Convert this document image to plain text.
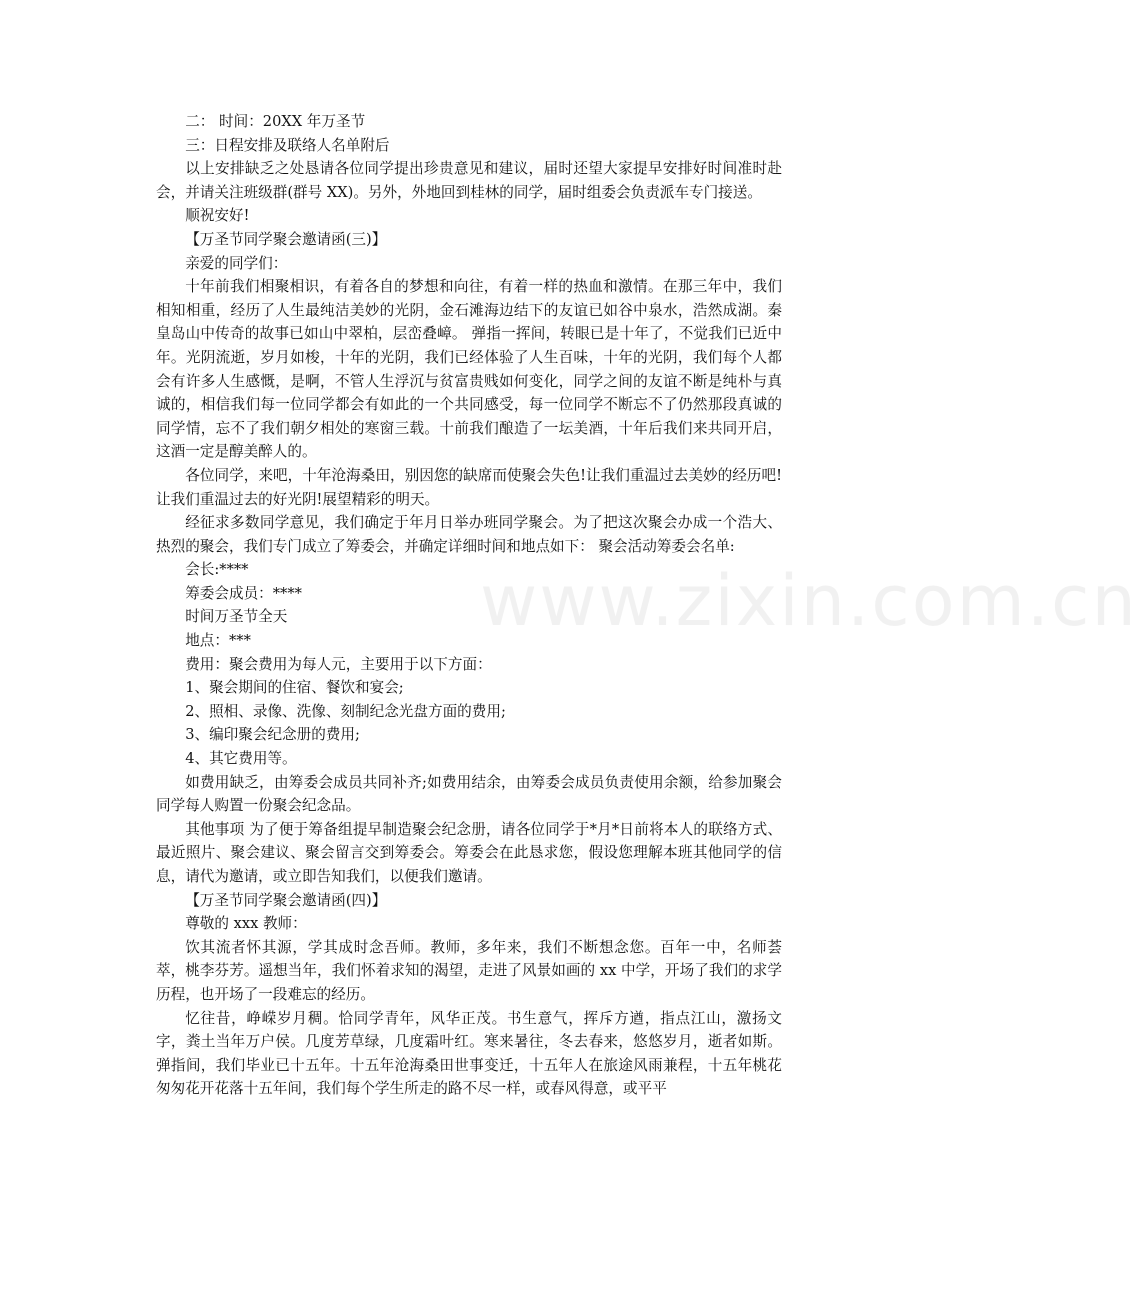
二： 时间：20XX 年万圣节

三：日程安排及联络人名单附后

以上安排缺乏之处恳请各位同学提出珍贵意见和建议，届时还望大家提早安排好时间准时赴会，并请关注班级群(群号 XX)。另外，外地回到桂林的同学，届时组委会负责派车专门接送。

顺祝安好!

【万圣节同学聚会邀请函(三)】

亲爱的同学们：

十年前我们相聚相识，有着各自的梦想和向往，有着一样的热血和激情。在那三年中，我们相知相重，经历了人生最纯洁美妙的光阴，金石滩海边结下的友谊已如谷中泉水，浩然成湖。秦皇岛山中传奇的故事已如山中翠柏，层峦叠嶂。 弹指一挥间，转眼已是十年了，不觉我们已近中年。光阴流逝，岁月如梭，十年的光阴，我们已经体验了人生百味，十年的光阴，我们每个人都会有许多人生感慨，是啊，不管人生浮沉与贫富贵贱如何变化，同学之间的友谊不断是纯朴与真诚的，相信我们每一位同学都会有如此的一个共同感受，每一位同学不断忘不了仍然那段真诚的同学情，忘不了我们朝夕相处的寒窗三载。十前我们酿造了一坛美酒，十年后我们来共同开启，这酒一定是醇美醉人的。

各位同学，来吧，十年沧海桑田，别因您的缺席而使聚会失色!让我们重温过去美妙的经历吧!让我们重温过去的好光阴!展望精彩的明天。

经征求多数同学意见，我们确定于年月日举办班同学聚会。为了把这次聚会办成一个浩大、热烈的聚会，我们专门成立了筹委会，并确定详细时间和地点如下： 聚会活动筹委会名单:

会长:****

筹委会成员：****

时间万圣节全天

地点：***

费用：聚会费用为每人元，主要用于以下方面：

1、聚会期间的住宿、餐饮和宴会;

2、照相、录像、洗像、刻制纪念光盘方面的费用;

3、编印聚会纪念册的费用;

4、其它费用等。

如费用缺乏，由筹委会成员共同补齐;如费用结余，由筹委会成员负责使用余额，给参加聚会同学每人购置一份聚会纪念品。

其他事项 为了便于筹备组提早制造聚会纪念册，请各位同学于*月*日前将本人的联络方式、最近照片、聚会建议、聚会留言交到筹委会。筹委会在此恳求您，假设您理解本班其他同学的信息，请代为邀请，或立即告知我们，以便我们邀请。

【万圣节同学聚会邀请函(四)】

尊敬的 xxx 教师：

饮其流者怀其源，学其成时念吾师。教师，多年来，我们不断想念您。百年一中，名师荟萃，桃李芬芳。遥想当年，我们怀着求知的渴望，走进了风景如画的 xx 中学，开场了我们的求学历程，也开场了一段难忘的经历。

忆往昔，峥嵘岁月稠。恰同学青年，风华正茂。书生意气，挥斥方遒，指点江山，激扬文字，粪土当年万户侯。几度芳草绿，几度霜叶红。寒来暑往，冬去春来，悠悠岁月，逝者如斯。弹指间，我们毕业已十五年。十五年沧海桑田世事变迁，十五年人在旅途风雨兼程，十五年桃花匆匆花开花落十五年间，我们每个学生所走的路不尽一样，或春风得意，或平平

www.zixin.com.cn
